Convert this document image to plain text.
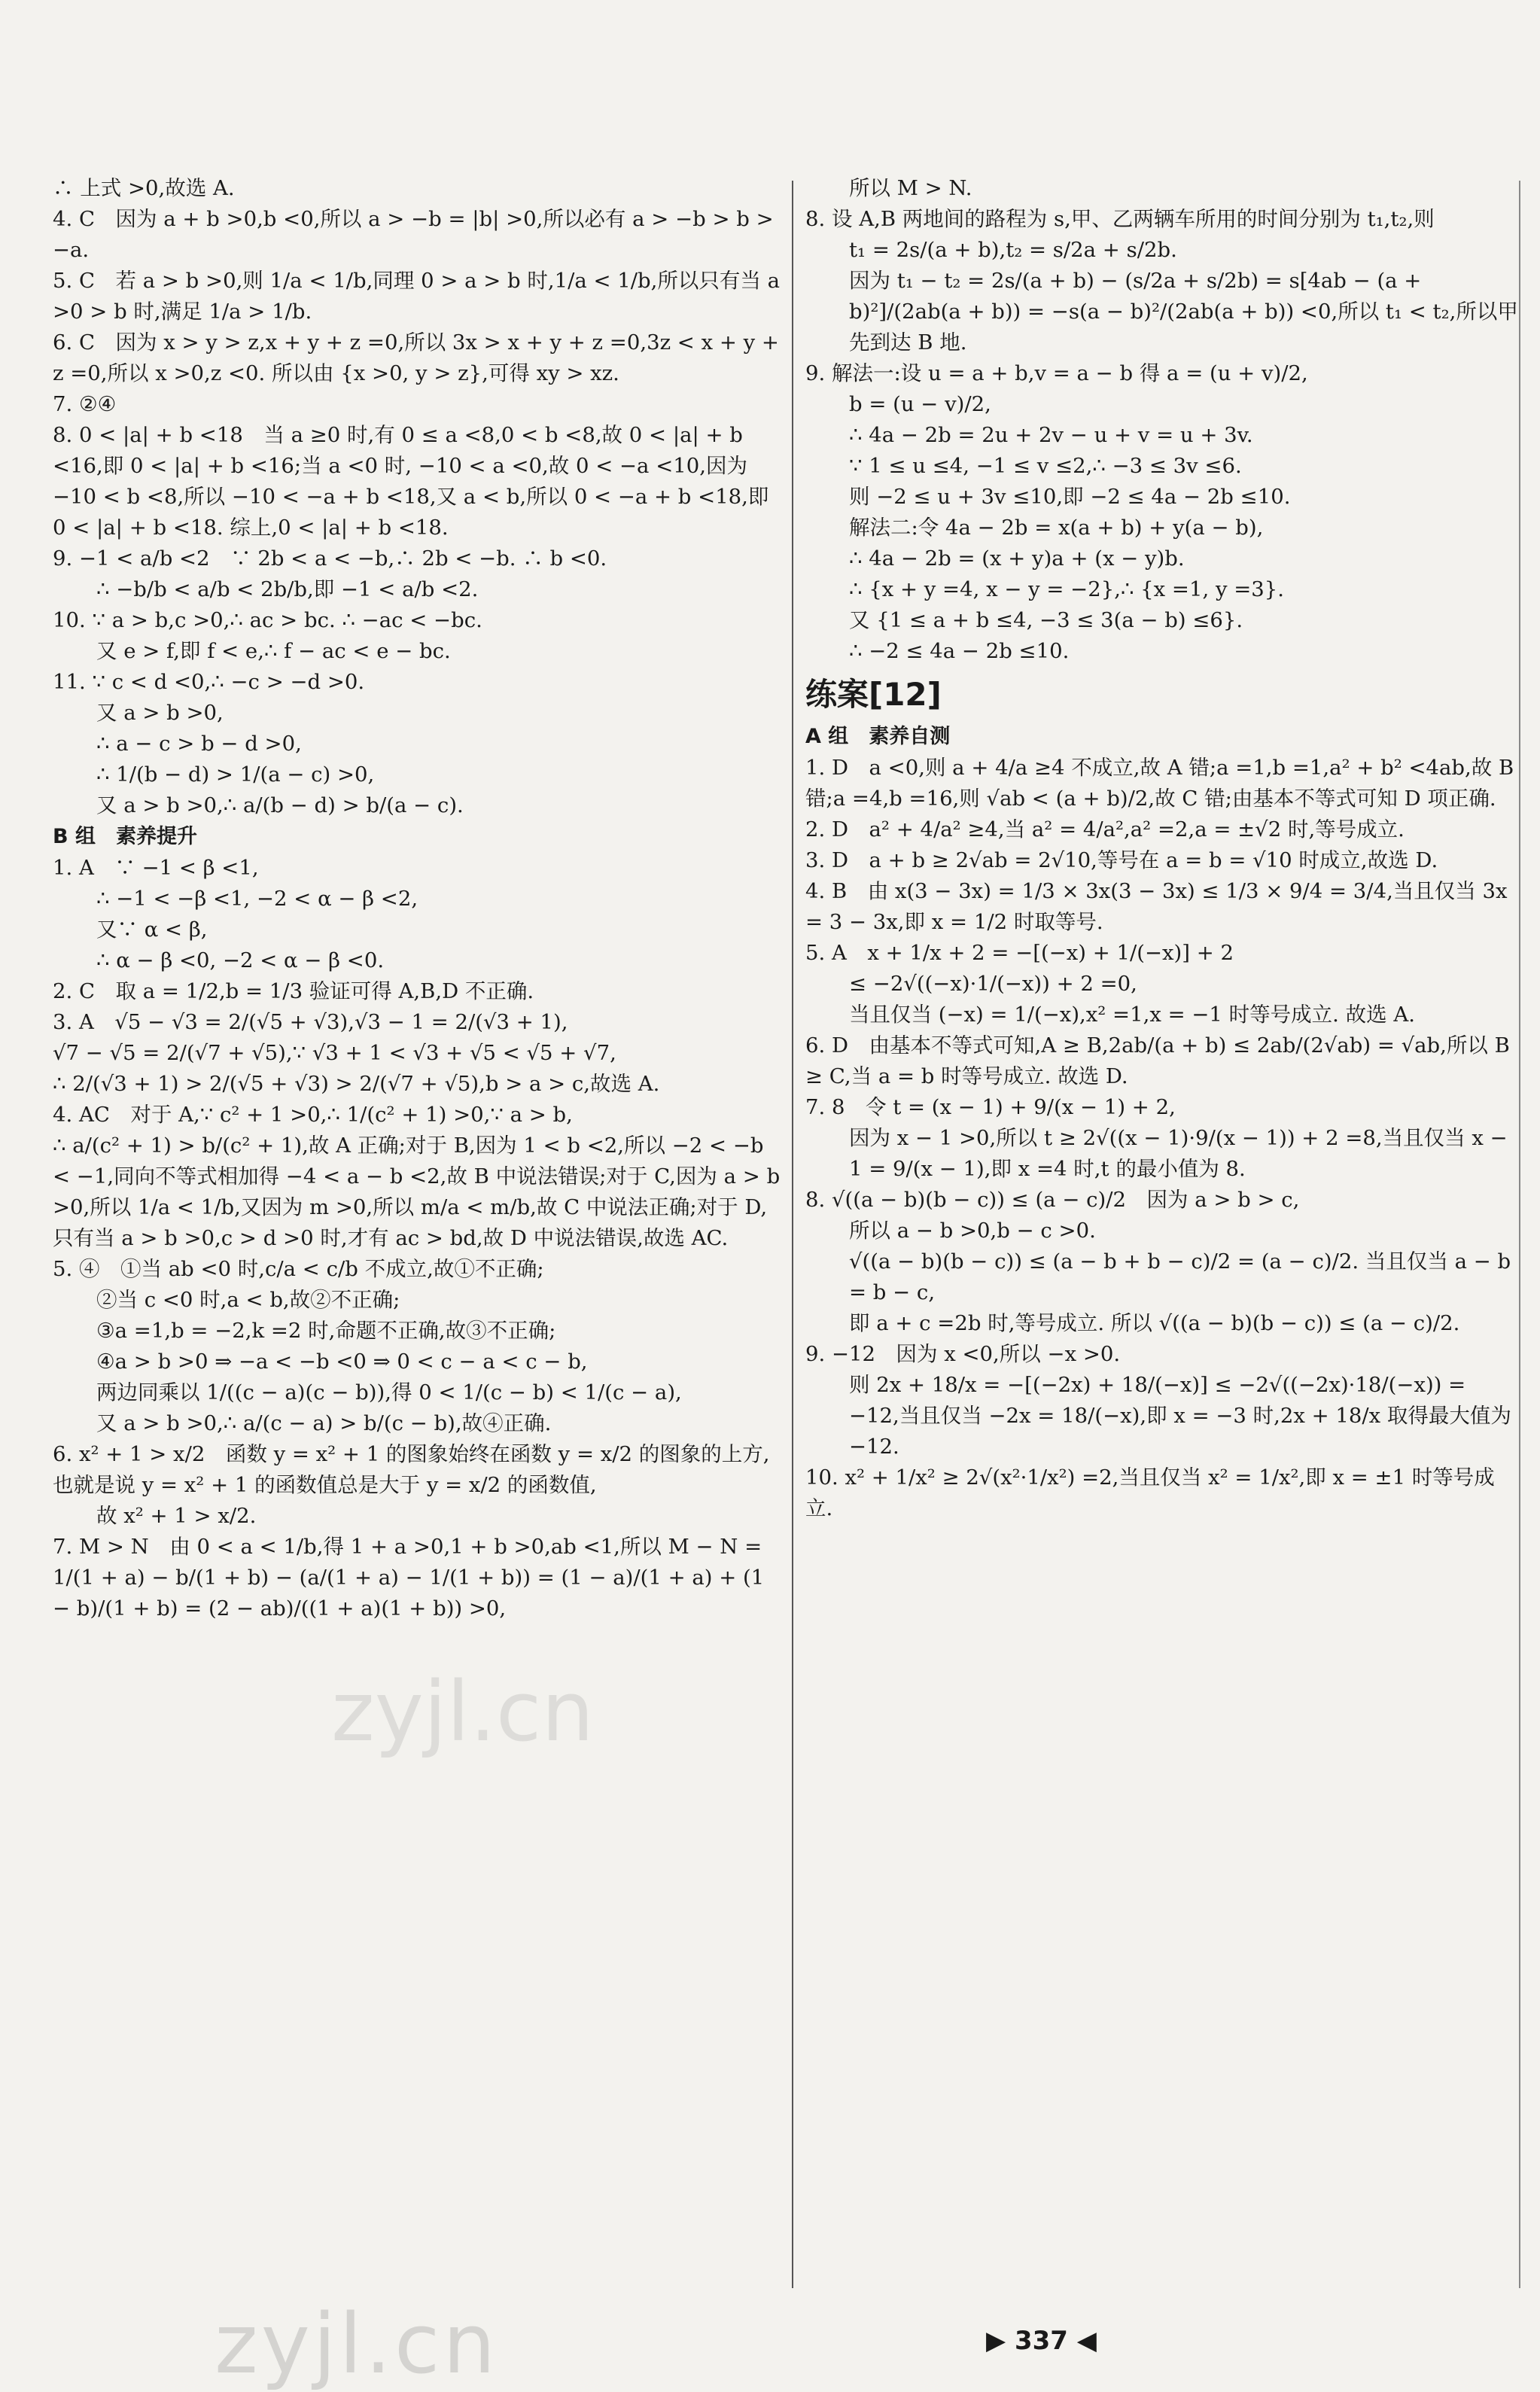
∴ 上式 >0,故选 A.

4. C　因为 a + b >0,b <0,所以 a > −b = |b| >0,所以必有 a > −b > b > −a.

5. C　若 a > b >0,则 1/a < 1/b,同理 0 > a > b 时,1/a < 1/b,所以只有当 a >0 > b 时,满足 1/a > 1/b.

6. C　因为 x > y > z,x + y + z =0,所以 3x > x + y + z =0,3z < x + y + z =0,所以 x >0,z <0. 所以由 {x >0, y > z},可得 xy > xz.

7. ②④

8. 0 < |a| + b <18　当 a ≥0 时,有 0 ≤ a <8,0 < b <8,故 0 < |a| + b <16,即 0 < |a| + b <16;当 a <0 时, −10 < a <0,故 0 < −a <10,因为 −10 < b <8,所以 −10 < −a + b <18,又 a < b,所以 0 < −a + b <18,即 0 < |a| + b <18. 综上,0 < |a| + b <18.

9. −1 < a/b <2　∵ 2b < a < −b,∴ 2b < −b. ∴ b <0.

∴ −b/b < a/b < 2b/b,即 −1 < a/b <2.

10. ∵ a > b,c >0,∴ ac > bc. ∴ −ac < −bc.

又 e > f,即 f < e,∴ f − ac < e − bc.

11. ∵ c < d <0,∴ −c > −d >0.

又 a > b >0,

∴ a − c > b − d >0,

∴ 1/(b − d) > 1/(a − c) >0,

又 a > b >0,∴ a/(b − d) > b/(a − c).

B 组　素养提升

1. A　∵ −1 < β <1,

∴ −1 < −β <1, −2 < α − β <2,

又∵ α < β,

∴ α − β <0, −2 < α − β <0.

2. C　取 a = 1/2,b = 1/3 验证可得 A,B,D 不正确.

3. A　√5 − √3 = 2/(√5 + √3),√3 − 1 = 2/(√3 + 1),

√7 − √5 = 2/(√7 + √5),∵ √3 + 1 < √3 + √5 < √5 + √7,

∴ 2/(√3 + 1) > 2/(√5 + √3) > 2/(√7 + √5),b > a > c,故选 A.

4. AC　对于 A,∵ c² + 1 >0,∴ 1/(c² + 1) >0,∵ a > b,

∴ a/(c² + 1) > b/(c² + 1),故 A 正确;对于 B,因为 1 < b <2,所以 −2 < −b < −1,同向不等式相加得 −4 < a − b <2,故 B 中说法错误;对于 C,因为 a > b >0,所以 1/a < 1/b,又因为 m >0,所以 m/a < m/b,故 C 中说法正确;对于 D,只有当 a > b >0,c > d >0 时,才有 ac > bd,故 D 中说法错误,故选 AC.

5. ④　①当 ab <0 时,c/a < c/b 不成立,故①不正确;

②当 c <0 时,a < b,故②不正确;

③a =1,b = −2,k =2 时,命题不正确,故③不正确;

④a > b >0 ⇒ −a < −b <0 ⇒ 0 < c − a < c − b,

两边同乘以 1/((c − a)(c − b)),得 0 < 1/(c − b) < 1/(c − a),

又 a > b >0,∴ a/(c − a) > b/(c − b),故④正确.

6. x² + 1 > x/2　函数 y = x² + 1 的图象始终在函数 y = x/2 的图象的上方,也就是说 y = x² + 1 的函数值总是大于 y = x/2 的函数值,

故 x² + 1 > x/2.

7. M > N　由 0 < a < 1/b,得 1 + a >0,1 + b >0,ab <1,所以 M − N = 1/(1 + a) − b/(1 + b) − (a/(1 + a) − 1/(1 + b)) = (1 − a)/(1 + a) + (1 − b)/(1 + b) = (2 − ab)/((1 + a)(1 + b)) >0,

所以 M > N.

8. 设 A,B 两地间的路程为 s,甲、乙两辆车所用的时间分别为 t₁,t₂,则

t₁ = 2s/(a + b),t₂ = s/2a + s/2b.

因为 t₁ − t₂ = 2s/(a + b) − (s/2a + s/2b) = s[4ab − (a + b)²]/(2ab(a + b)) = −s(a − b)²/(2ab(a + b)) <0,所以 t₁ < t₂,所以甲先到达 B 地.

9. 解法一:设 u = a + b,v = a − b 得 a = (u + v)/2,

b = (u − v)/2,

∴ 4a − 2b = 2u + 2v − u + v = u + 3v.

∵ 1 ≤ u ≤4, −1 ≤ v ≤2,∴ −3 ≤ 3v ≤6.

则 −2 ≤ u + 3v ≤10,即 −2 ≤ 4a − 2b ≤10.

解法二:令 4a − 2b = x(a + b) + y(a − b),

∴ 4a − 2b = (x + y)a + (x − y)b.

∴ {x + y =4, x − y = −2},∴ {x =1, y =3}.

又 {1 ≤ a + b ≤4, −3 ≤ 3(a − b) ≤6}.

∴ −2 ≤ 4a − 2b ≤10.

练案[12]
A 组　素养自测

1. D　a <0,则 a + 4/a ≥4 不成立,故 A 错;a =1,b =1,a² + b² <4ab,故 B 错;a =4,b =16,则 √ab < (a + b)/2,故 C 错;由基本不等式可知 D 项正确.

2. D　a² + 4/a² ≥4,当 a² = 4/a²,a² =2,a = ±√2 时,等号成立.

3. D　a + b ≥ 2√ab = 2√10,等号在 a = b = √10 时成立,故选 D.

4. B　由 x(3 − 3x) = 1/3 × 3x(3 − 3x) ≤ 1/3 × 9/4 = 3/4,当且仅当 3x = 3 − 3x,即 x = 1/2 时取等号.

5. A　x + 1/x + 2 = −[(−x) + 1/(−x)] + 2

≤ −2√((−x)·1/(−x)) + 2 =0,

当且仅当 (−x) = 1/(−x),x² =1,x = −1 时等号成立. 故选 A.

6. D　由基本不等式可知,A ≥ B,2ab/(a + b) ≤ 2ab/(2√ab) = √ab,所以 B ≥ C,当 a = b 时等号成立. 故选 D.

7. 8　令 t = (x − 1) + 9/(x − 1) + 2,

因为 x − 1 >0,所以 t ≥ 2√((x − 1)·9/(x − 1)) + 2 =8,当且仅当 x − 1 = 9/(x − 1),即 x =4 时,t 的最小值为 8.

8. √((a − b)(b − c)) ≤ (a − c)/2　因为 a > b > c,

所以 a − b >0,b − c >0.

√((a − b)(b − c)) ≤ (a − b + b − c)/2 = (a − c)/2. 当且仅当 a − b = b − c,

即 a + c =2b 时,等号成立. 所以 √((a − b)(b − c)) ≤ (a − c)/2.

9. −12　因为 x <0,所以 −x >0.

则 2x + 18/x = −[(−2x) + 18/(−x)] ≤ −2√((−2x)·18/(−x)) = −12,当且仅当 −2x = 18/(−x),即 x = −3 时,2x + 18/x 取得最大值为 −12.

10. x² + 1/x² ≥ 2√(x²·1/x²) =2,当且仅当 x² = 1/x²,即 x = ±1 时等号成立.

zyjl.cn
zyjl.cn	▶ 337 ◀
